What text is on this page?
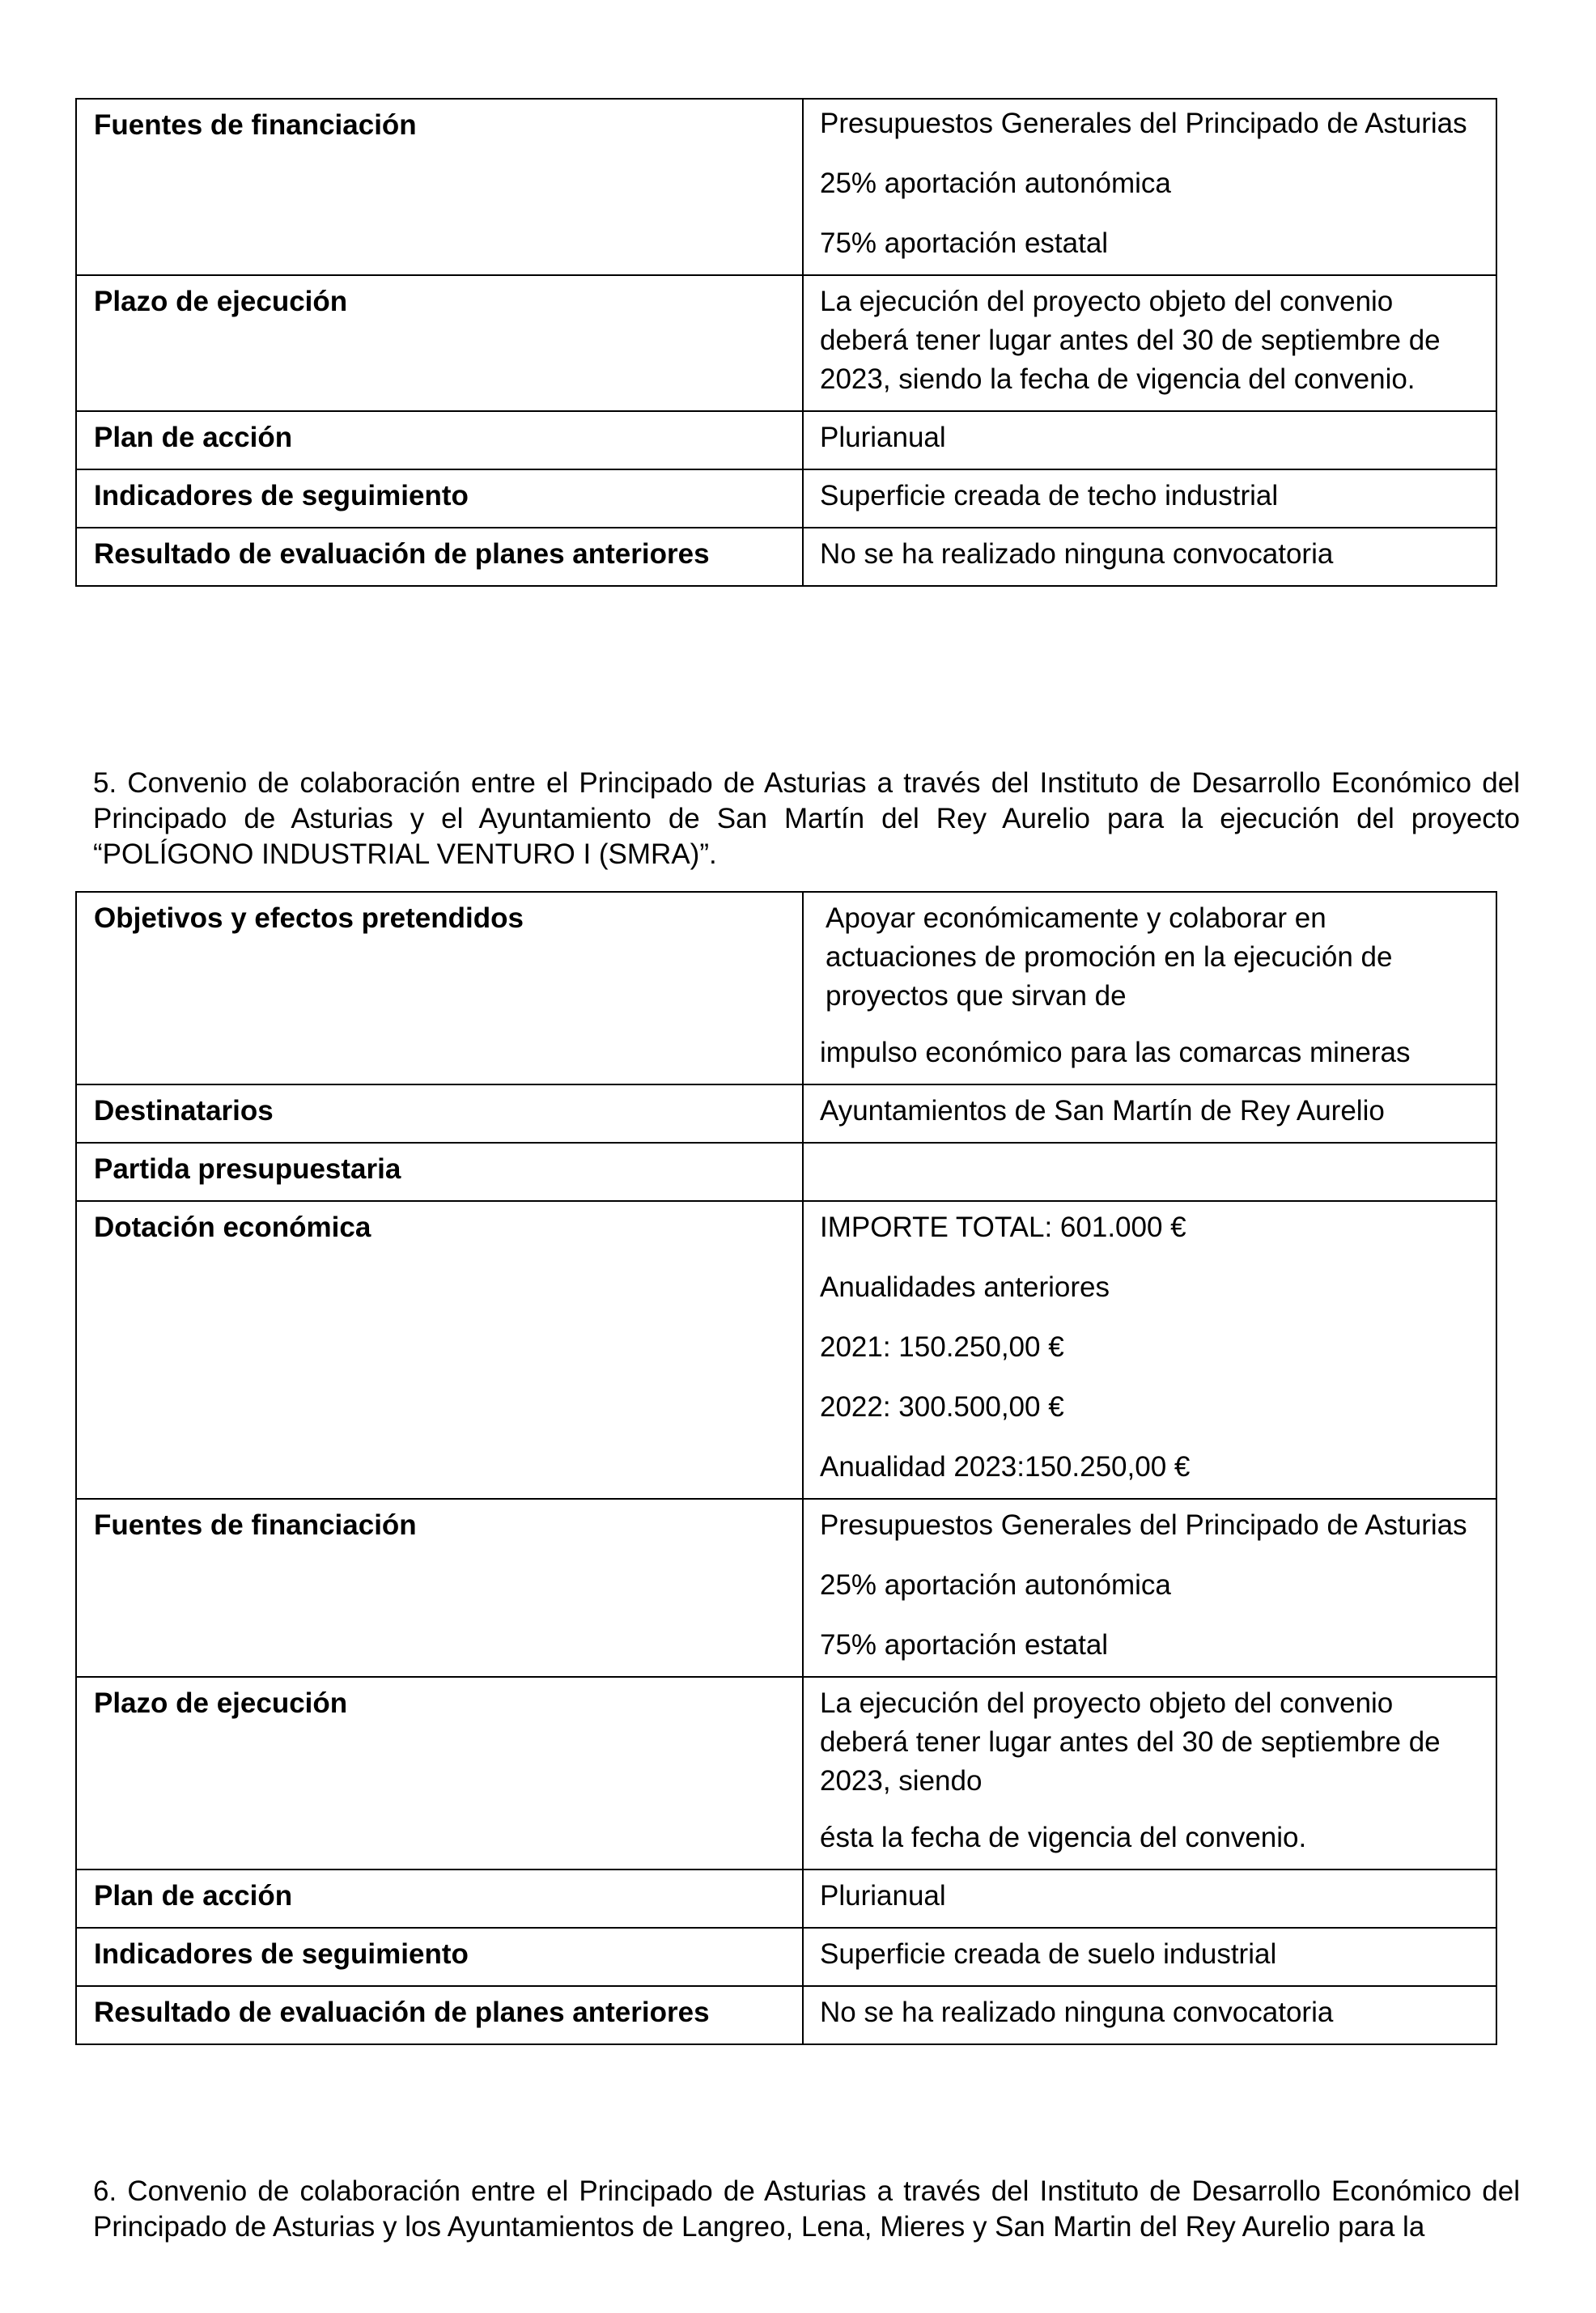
Fuentes de financiación	Presupuestos Generales del Principado de Asturias
25% aportación autonómica
75% aportación estatal

Plazo de ejecución	La ejecución del proyecto objeto del convenio deberá tener lugar antes del 30 de septiembre de 2023, siendo la fecha de vigencia del convenio.

Plan de acción	Plurianual

Indicadores de seguimiento	Superficie creada de techo industrial

Resultado de evaluación de planes anteriores	No se ha realizado ninguna convocatoria
5. Convenio de colaboración entre el Principado de Asturias a través del Instituto de Desarrollo Económico del Principado de Asturias y el Ayuntamiento de San Martín del Rey Aurelio para la ejecución del proyecto “POLÍGONO INDUSTRIAL VENTURO I (SMRA)”.
Objetivos y efectos pretendidos	Apoyar económicamente y colaborar en actuaciones de promoción en la ejecución de proyectos que sirvan de
impulso económico para las comarcas mineras

Destinatarios	Ayuntamientos de San Martín de Rey Aurelio

Partida presupuestaria	

Dotación económica	IMPORTE TOTAL: 601.000 €
Anualidades anteriores
2021: 150.250,00 €
2022: 300.500,00 €
Anualidad 2023:150.250,00 €

Fuentes de financiación	Presupuestos Generales del Principado de Asturias
25% aportación autonómica
75% aportación estatal

Plazo de ejecución	La ejecución del proyecto objeto del convenio deberá tener lugar antes del 30 de septiembre de 2023, siendo
ésta la fecha de vigencia del convenio.

Plan de acción	Plurianual

Indicadores de seguimiento	Superficie creada de suelo industrial

Resultado de evaluación de planes anteriores	No se ha realizado ninguna convocatoria
6. Convenio de colaboración entre el Principado de Asturias a través del Instituto de Desarrollo Económico del Principado de Asturias y los Ayuntamientos de Langreo, Lena, Mieres y San Martin del Rey Aurelio para la
